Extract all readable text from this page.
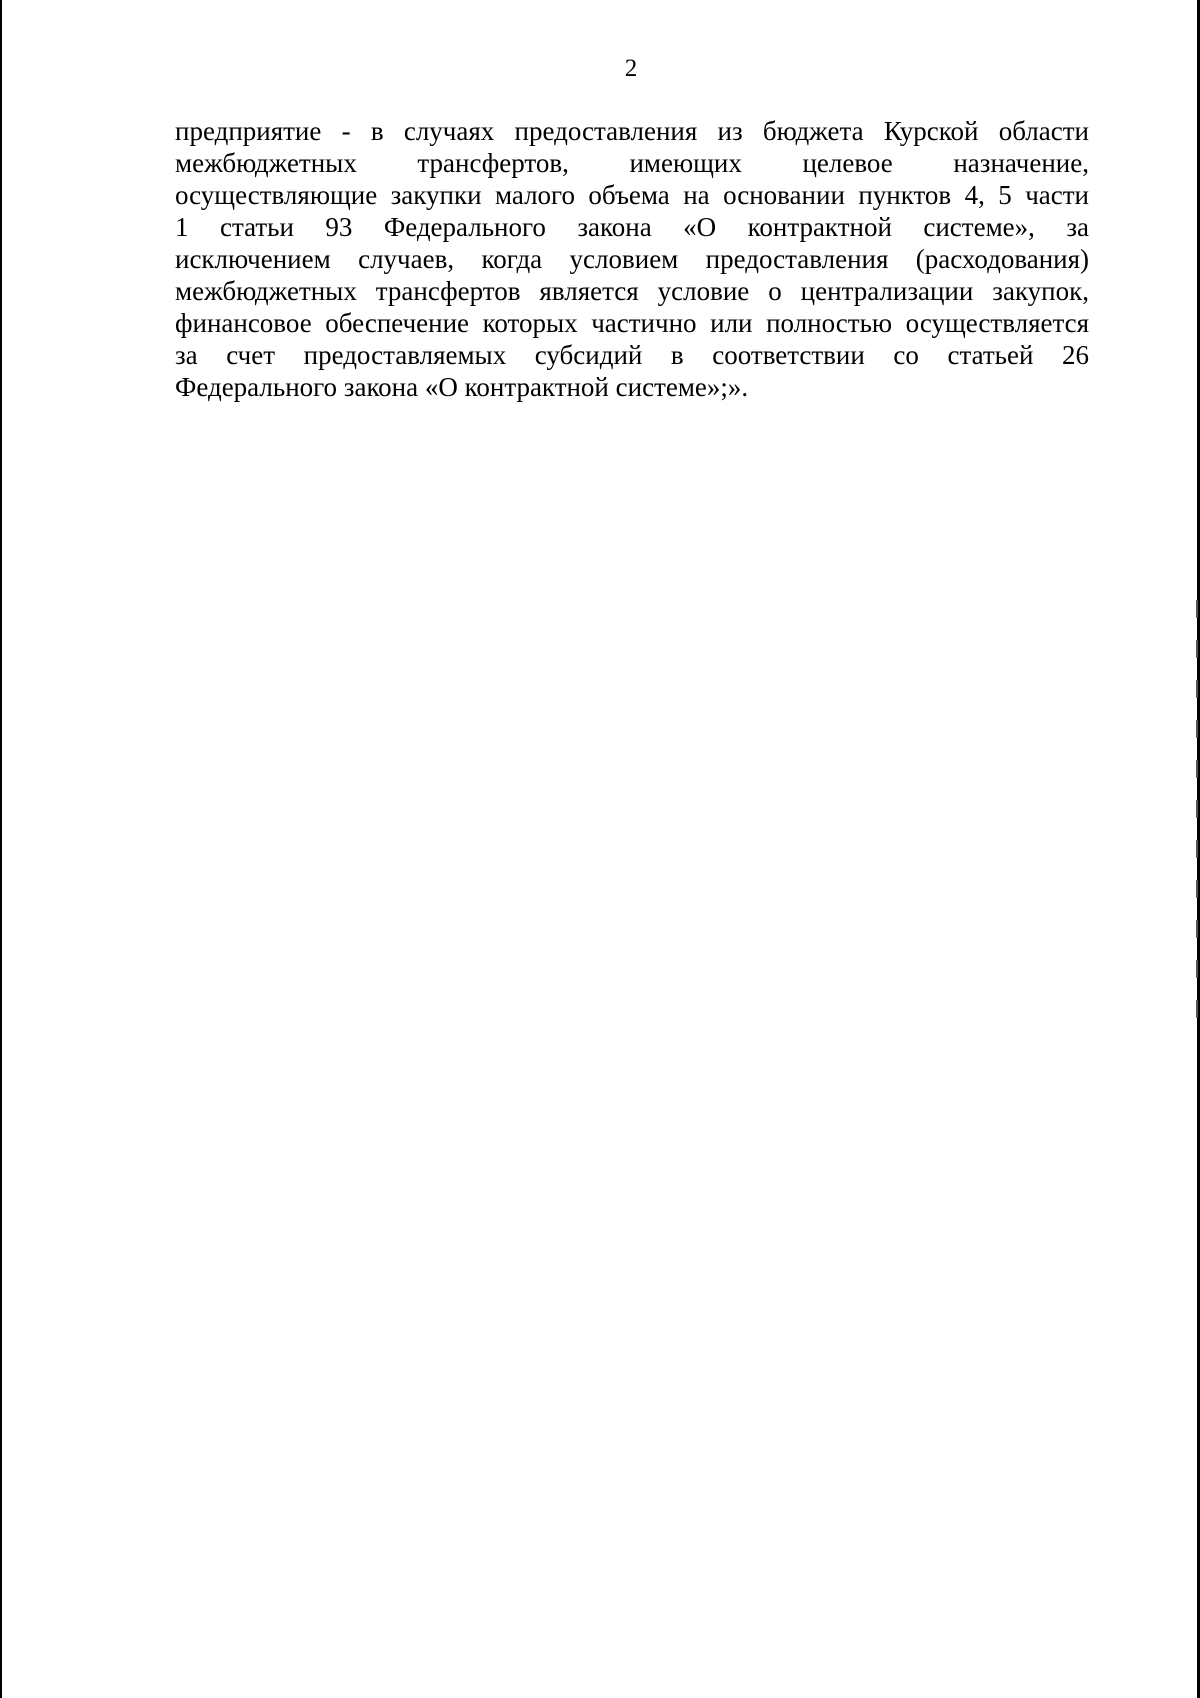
2

предприятие - в случаях предоставления из бюджета Курской области
межбюджетных трансфертов, имеющих целевое назначение,
осуществляющие закупки малого объема на основании пунктов 4, 5 части
1 статьи 93 Федерального закона «О контрактной системе», за
исключением случаев, когда условием предоставления (расходования)
межбюджетных трансфертов является условие о централизации закупок,
финансовое обеспечение которых частично или полностью осуществляется
за счет предоставляемых субсидий в соответствии со статьей 26
Федерального закона «О контрактной системе»;».
